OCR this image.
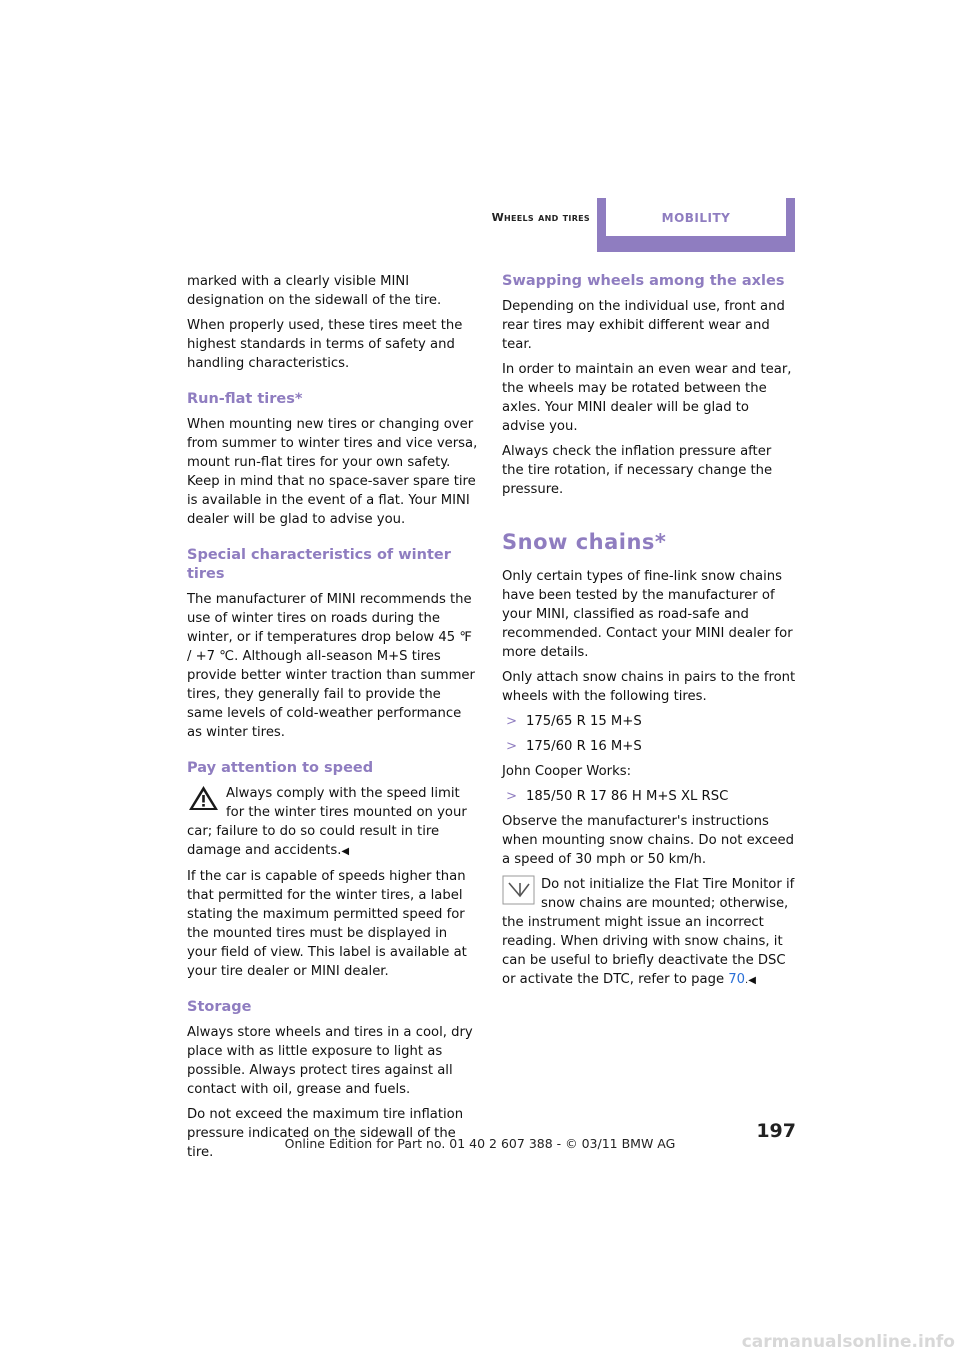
Wheels and tires	MOBILITY

marked with a clearly visible MINI designation on the sidewall of the tire.

When properly used, these tires meet the highest standards in terms of safety and handling characteristics.

Run-flat tires*

When mounting new tires or changing over from summer to winter tires and vice versa, mount run-flat tires for your own safety. Keep in mind that no space-saver spare tire is available in the event of a flat. Your MINI dealer will be glad to advise you.

Special characteristics of winter tires

The manufacturer of MINI recommends the use of winter tires on roads during the winter, or if temperatures drop below 45 ℉ / +7 ℃. Although all-season M+S tires provide better winter traction than summer tires, they generally fail to provide the same levels of cold-weather performance as winter tires.

Pay attention to speed

Always comply with the speed limit for the winter tires mounted on your car; failure to do so could result in tire damage and accidents.◀

If the car is capable of speeds higher than that permitted for the winter tires, a label stating the maximum permitted speed for the mounted tires must be displayed in your field of view. This label is available at your tire dealer or MINI dealer.

Storage

Always store wheels and tires in a cool, dry place with as little exposure to light as possible. Always protect tires against all contact with oil, grease and fuels.

Do not exceed the maximum tire inflation pressure indicated on the sidewall of the tire.

Swapping wheels among the axles

Depending on the individual use, front and rear tires may exhibit different wear and tear.

In order to maintain an even wear and tear, the wheels may be rotated between the axles. Your MINI dealer will be glad to advise you.

Always check the inflation pressure after the tire rotation, if necessary change the pressure.

Snow chains*

Only certain types of fine-link snow chains have been tested by the manufacturer of your MINI, classified as road-safe and recommended. Contact your MINI dealer for more details.

Only attach snow chains in pairs to the front wheels with the following tires.

> 175/65 R 15 M+S
> 175/60 R 16 M+S

John Cooper Works:

> 185/50 R 17 86 H M+S XL RSC

Observe the manufacturer's instructions when mounting snow chains. Do not exceed a speed of 30 mph or 50 km/h.

Do not initialize the Flat Tire Monitor if snow chains are mounted; otherwise, the instrument might issue an incorrect reading. When driving with snow chains, it can be useful to briefly deactivate the DSC or activate the DTC, refer to page 70.◀

197
Online Edition for Part no. 01 40 2 607 388 - © 03/11 BMW AG
carmanualsonline.info
